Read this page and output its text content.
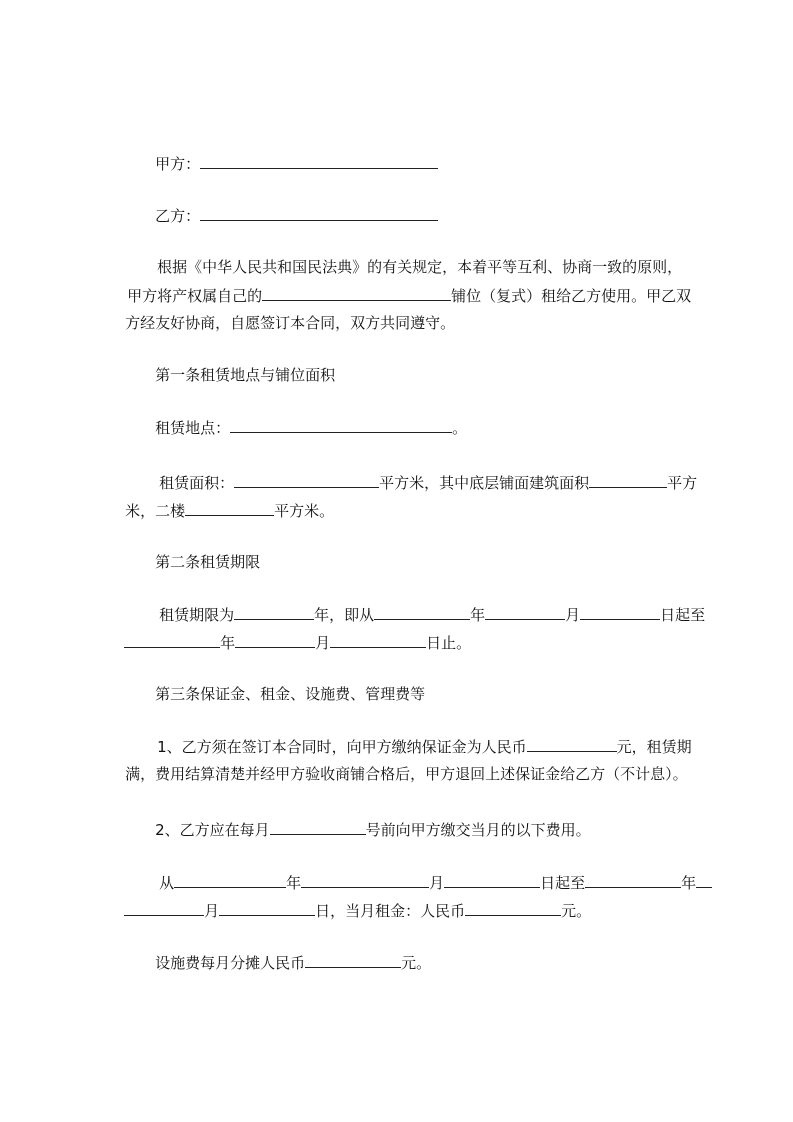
甲方：

乙方：

根据《中华人民共和国民法典》的有关规定，本着平等互利、协商一致的原则，

甲方将产权属自己的	铺位（复式）租给乙方使用。甲乙双

方经友好协商，自愿签订本合同，双方共同遵守。

第一条租赁地点与铺位面积

租赁地点：	。

租赁面积：	平方米，其中底层铺面建筑面积	平方

米，二楼	平方米。

第二条租赁期限

租赁期限为	年，即从	年	月	日起至

年	月	日止。

第三条保证金、租金、设施费、管理费等

1、乙方须在签订本合同时，向甲方缴纳保证金为人民币	元，租赁期

满，费用结算清楚并经甲方验收商铺合格后，甲方退回上述保证金给乙方（不计息）。

2、乙方应在每月	号前向甲方缴交当月的以下费用。

从	年	月	日起至	年

月	日，当月租金：人民币	元。

设施费每月分摊人民币	元。
